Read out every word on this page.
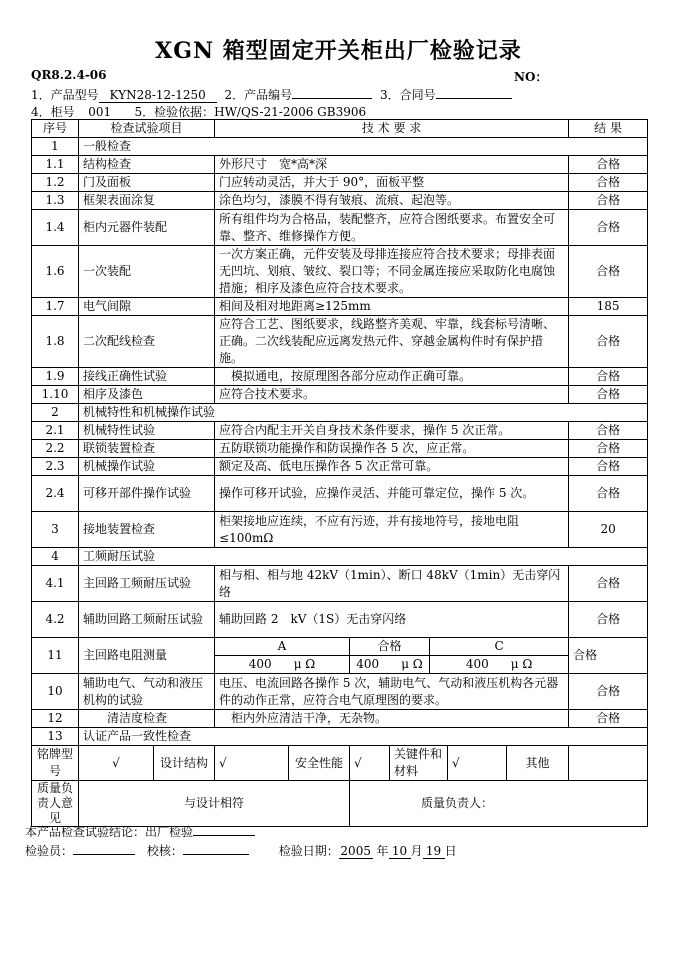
XGN 箱型固定开关柜出厂检验记录
QR8.2.4-06	NO：
1．产品型号 KYN28-12-1250 2．产品编号	3．合同号
4．柜号 001 5．检验依据：HW/QS-21-2006 GB3906
序号	检查试验项目		技 术 要 求							结 果
1	一般检查									
1.1	结构检查		外形尺寸　宽*高*深							合格
1.2	门及面板		门应转动灵活，并大于 90°，面板平整							合格
1.3	框架表面涂复		涂色均匀，漆膜不得有皱痕、流痕、起泡等。							合格
1.4	柜内元器件装配		所有组件均为合格品，装配整齐，应符合图纸要求。布置安全可靠、整齐、维修操作方便。							合格
1.6	一次装配		一次方案正确，元件安装及母排连接应符合技术要求；母排表面无凹坑、划痕、皱纹、裂口等；不同金属连接应采取防化电腐蚀措施；相序及漆色应符合技术要求。							合格
1.7	电气间隙		相间及相对地距离≥125mm							185
1.8	二次配线检查		应符合工艺、图纸要求，线路整齐美观、牢靠，线套标号清晰、正确。二次线装配应远离发热元件、穿越金属构件时有保护措施。							合格
1.9	接线正确性试验		　模拟通电，按原理图各部分应动作正确可靠。							合格
1.10	相序及漆色		应符合技术要求。							合格
2	机械特性和机械操作试验									
2.1	机械特性试验		应符合内配主开关自身技术条件要求，操作 5 次正常。							合格
2.2	联锁装置检查		五防联锁功能操作和防误操作各 5 次，应正常。							合格
2.3	机械操作试验		额定及高、低电压操作各 5 次正常可靠。							合格
2.4	可移开部件操作试验		操作可移开试验，应操作灵活、并能可靠定位，操作 5 次。							合格
3	接地装置检查		柜架接地应连续，不应有污迹，并有接地符号，接地电阻≤100mΩ							20
4	工频耐压试验									
4.1	主回路工频耐压试验		相与相、相与地 42kV（1min）、断口 48kV（1min）无击穿闪络							合格
4.2	辅助回路工频耐压试验		辅助回路 2　kV（1S）无击穿闪络							合格
11	主回路电阻测量		A		合格		C			合格
			400 μ Ω		400 μ Ω		400 μ Ω			
10	辅助电气、气动和液压机构的试验		电压、电流回路各操作 5 次，辅助电气、气动和液压机构各元器件的动作正常，应符合电气原理图的要求。							合格
12	　　清洁度检查		　柜内外应清洁干净，无杂物。							合格
13	认证产品一致性检查									
铭牌型号	√	设计结构	√	安全性能	√	关键件和材料		√	其他	
质量负责人意见	与设计相符				质量负责人：					
本产品检查试验结论：出厂检验
检验员：	校核：	检验日期： 2005 年 10 月 19 日
